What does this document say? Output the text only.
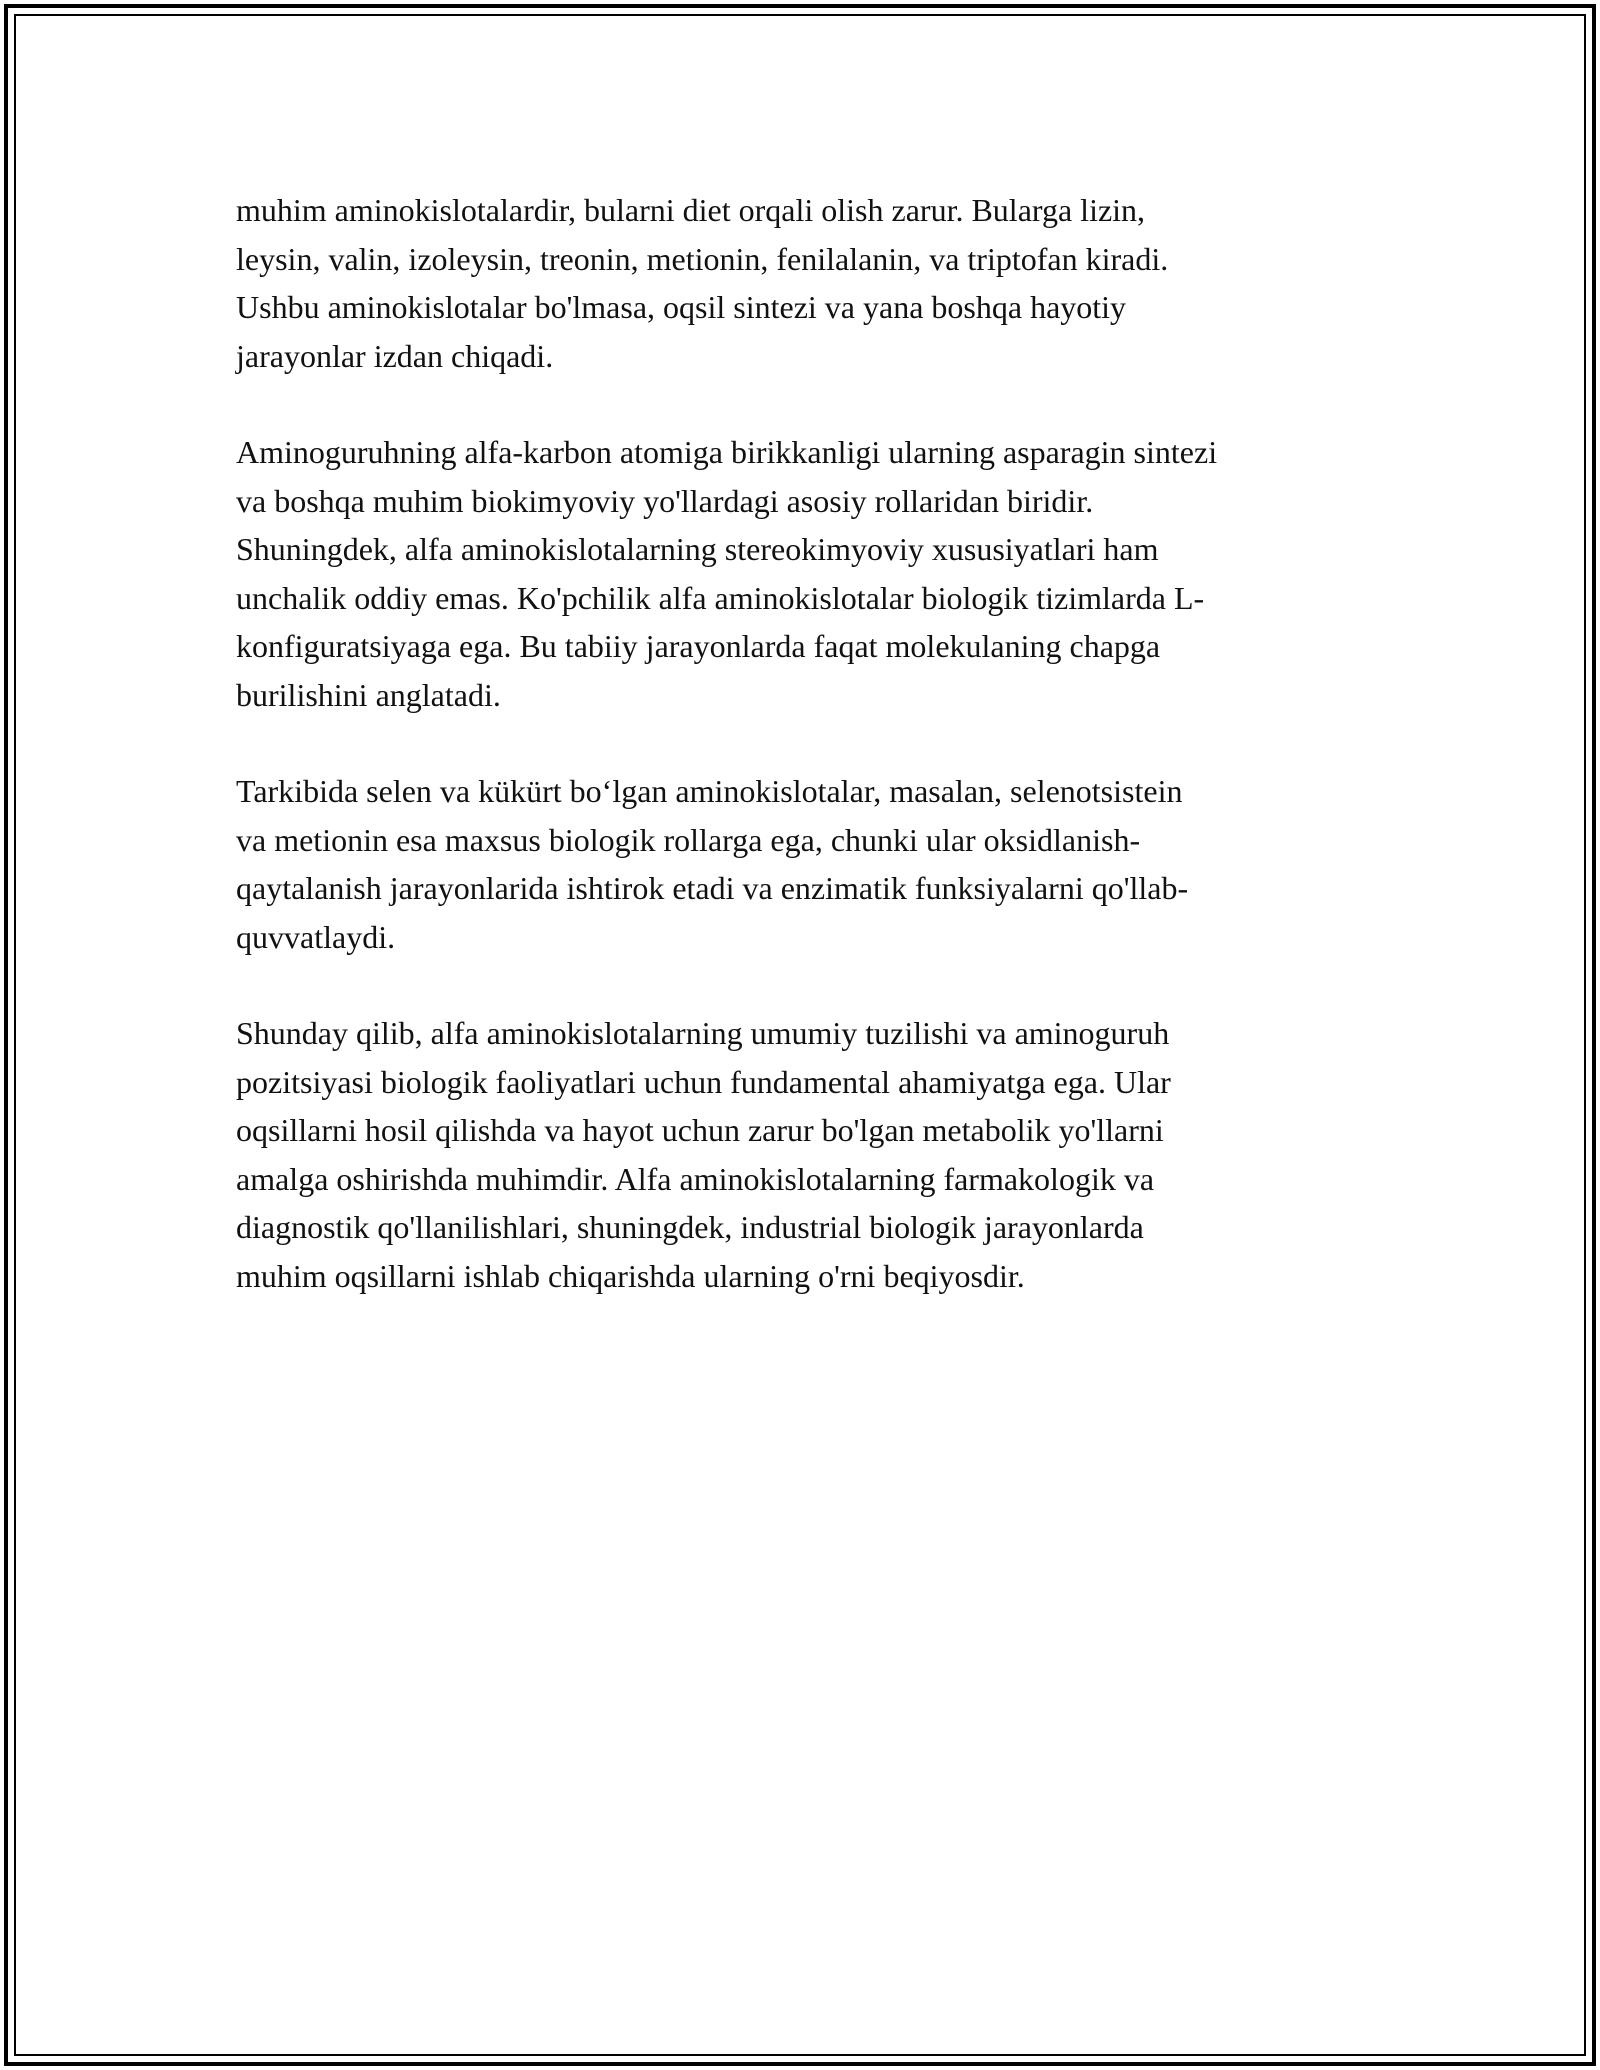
muhim aminokislotalardir, bularni diet orqali olish zarur. Bularga lizin,
leysin, valin, izoleysin, treonin, metionin, fenilalanin, va triptofan kiradi.
Ushbu aminokislotalar bo'lmasa, oqsil sintezi va yana boshqa hayotiy
jarayonlar izdan chiqadi.

Aminoguruhning alfa-karbon atomiga birikkanligi ularning asparagin sintezi
va boshqa muhim biokimyoviy yo'llardagi asosiy rollaridan biridir.
Shuningdek, alfa aminokislotalarning stereokimyoviy xususiyatlari ham
unchalik oddiy emas. Ko'pchilik alfa aminokislotalar biologik tizimlarda L-
konfiguratsiyaga ega. Bu tabiiy jarayonlarda faqat molekulaning chapga
burilishini anglatadi.

Tarkibida selen va kükürt bo‘lgan aminokislotalar, masalan, selenotsistein
va metionin esa maxsus biologik rollarga ega, chunki ular oksidlanish-
qaytalanish jarayonlarida ishtirok etadi va enzimatik funksiyalarni qo'llab-
quvvatlaydi.

Shunday qilib, alfa aminokislotalarning umumiy tuzilishi va aminoguruh
pozitsiyasi biologik faoliyatlari uchun fundamental ahamiyatga ega. Ular
oqsillarni hosil qilishda va hayot uchun zarur bo'lgan metabolik yo'llarni
amalga oshirishda muhimdir. Alfa aminokislotalarning farmakologik va
diagnostik qo'llanilishlari, shuningdek, industrial biologik jarayonlarda
muhim oqsillarni ishlab chiqarishda ularning o'rni beqiyosdir.
